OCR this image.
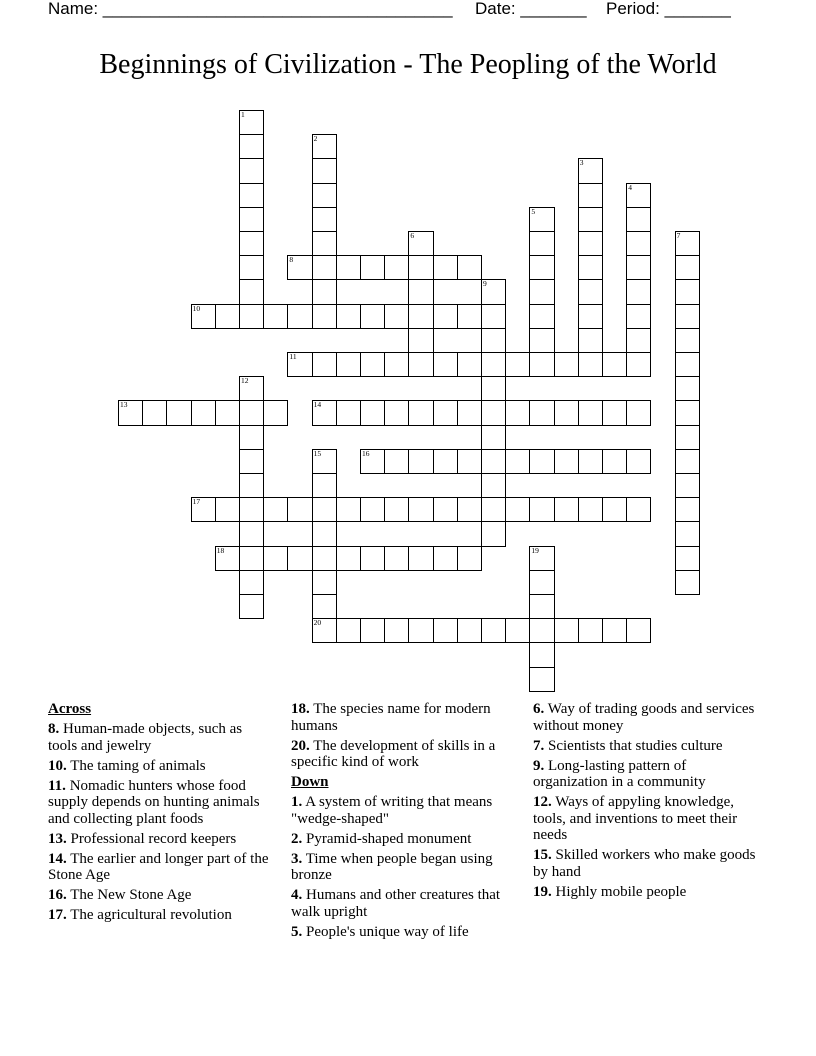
Name: _____________________________________ Date: _______ Period: _______
Beginnings of Civilization - The Peopling of the World
1
2
3
4
5
6	7
8
9
10
11
12
13	14
15
20
16
17
18	19
Across
8. Human-made objects, such as tools and jewelry
10. The taming of animals
11. Nomadic hunters whose food supply depends on hunting animals and collecting plant foods
13. Professional record keepers
14. The earlier and longer part of the Stone Age
16. The New Stone Age
17. The agricultural revolution
18. The species name for modern humans
20. The development of skills in a specific kind of work
Down
1. A system of writing that means "wedge-shaped"
2. Pyramid-shaped monument
3. Time when people began using bronze
4. Humans and other creatures that walk upright
5. People's unique way of life
6. Way of trading goods and services without money
7. Scientists that studies culture
9. Long-lasting pattern of organization in a community
12. Ways of appyling knowledge, tools, and inventions to meet their needs
15. Skilled workers who make goods by hand
19. Highly mobile people
